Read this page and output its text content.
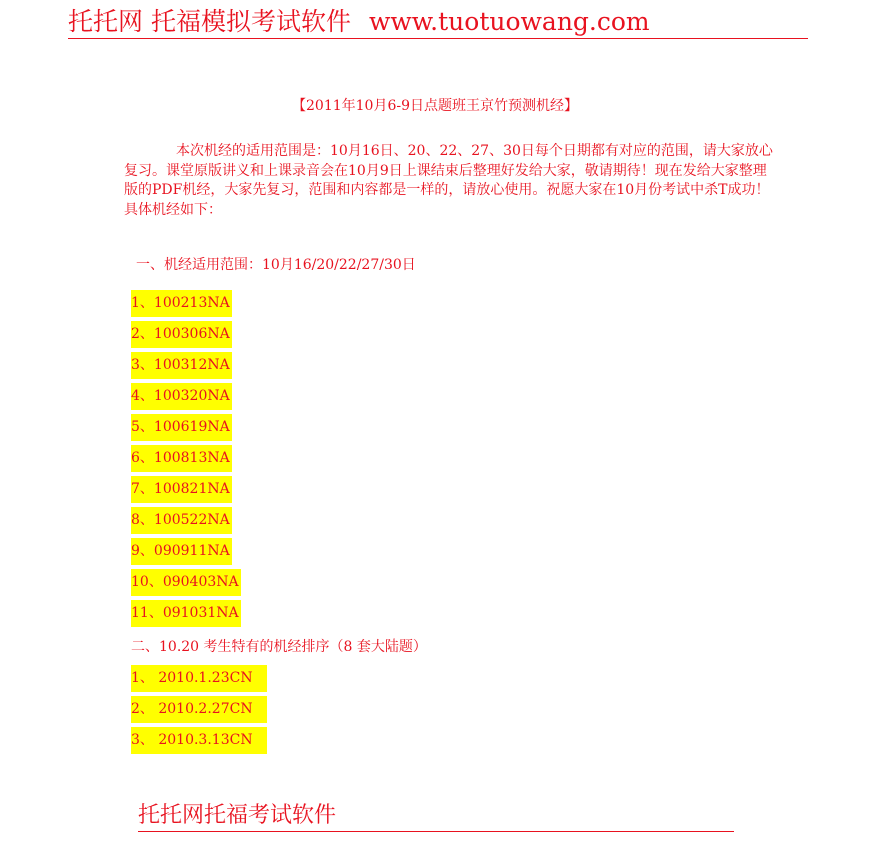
托托网 托福模拟考试软件 www.tuotuowang.com
【2011年10月6-9日点题班王京竹预测机经】

本次机经的适用范围是：10月16日、20、22、27、30日每个日期都有对应的范围，请大家放心复习。课堂原版讲义和上课录音会在10月9日上课结束后整理好发给大家，敬请期待！现在发给大家整理版的PDF机经，大家先复习，范围和内容都是一样的，请放心使用。祝愿大家在10月份考试中杀T成功！具体机经如下：

一、机经适用范围：10月16/20/22/27/30日
1、100213NA
2、100306NA
3、100312NA
4、100320NA
5、100619NA
6、100813NA
7、100821NA
8、100522NA
9、090911NA
10、090403NA
11、091031NA
二、10.20 考生特有的机经排序（8 套大陆题）
1、 2010.1.23CN
2、 2010.2.27CN
3、 2010.3.13CN
托托网托福考试软件
